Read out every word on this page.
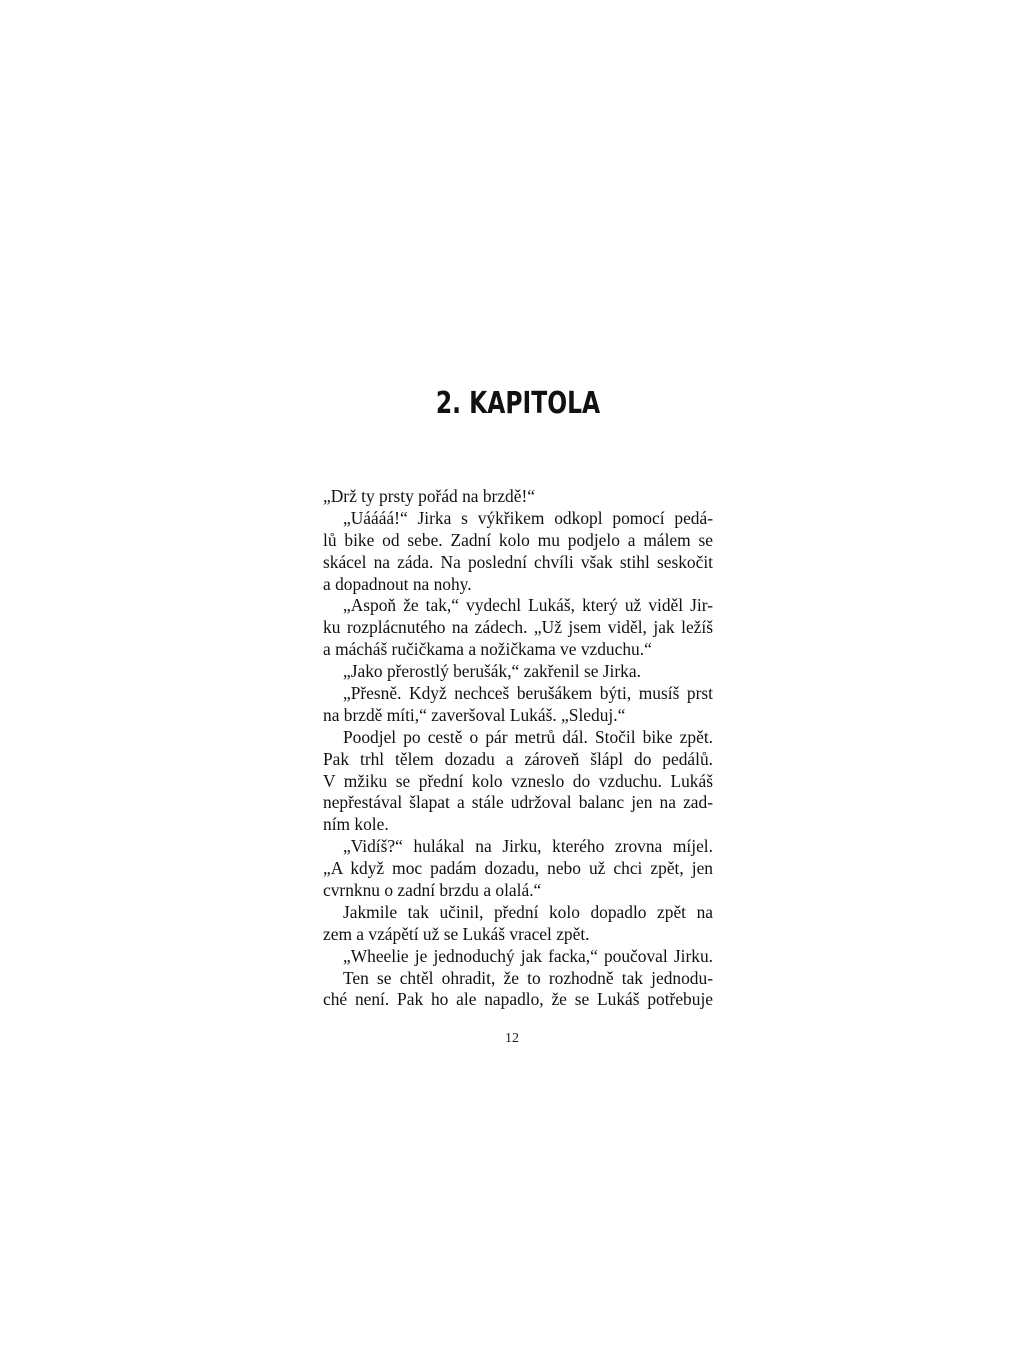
2. KAPITOLA
„Drž ty prsty pořád na brzdě!“
„Uáááá!“ Jirka s výkřikem odkopl pomocí pedá-
lů bike od sebe. Zadní kolo mu podjelo a málem se
skácel na záda. Na poslední chvíli však stihl seskočit
a dopadnout na nohy.
„Aspoň že tak,“ vydechl Lukáš, který už viděl Jir-
ku rozplácnutého na zádech. „Už jsem viděl, jak ležíš
a mácháš ručičkama a nožičkama ve vzduchu.“
„Jako přerostlý berušák,“ zakřenil se Jirka.
„Přesně. Když nechceš berušákem býti, musíš prst
na brzdě míti,“ zaveršoval Lukáš. „Sleduj.“
Poodjel po cestě o pár metrů dál. Stočil bike zpět.
Pak trhl tělem dozadu a zároveň šlápl do pedálů.
V mžiku se přední kolo vzneslo do vzduchu. Lukáš
nepřestával šlapat a stále udržoval balanc jen na zad-
ním kole.
„Vidíš?“ hulákal na Jirku, kterého zrovna míjel.
„A když moc padám dozadu, nebo už chci zpět, jen
cvrnknu o zadní brzdu a olalá.“
Jakmile tak učinil, přední kolo dopadlo zpět na
zem a vzápětí už se Lukáš vracel zpět.
„Wheelie je jednoduchý jak facka,“ poučoval Jirku.
Ten se chtěl ohradit, že to rozhodně tak jednodu-
ché není. Pak ho ale napadlo, že se Lukáš potřebuje
12
